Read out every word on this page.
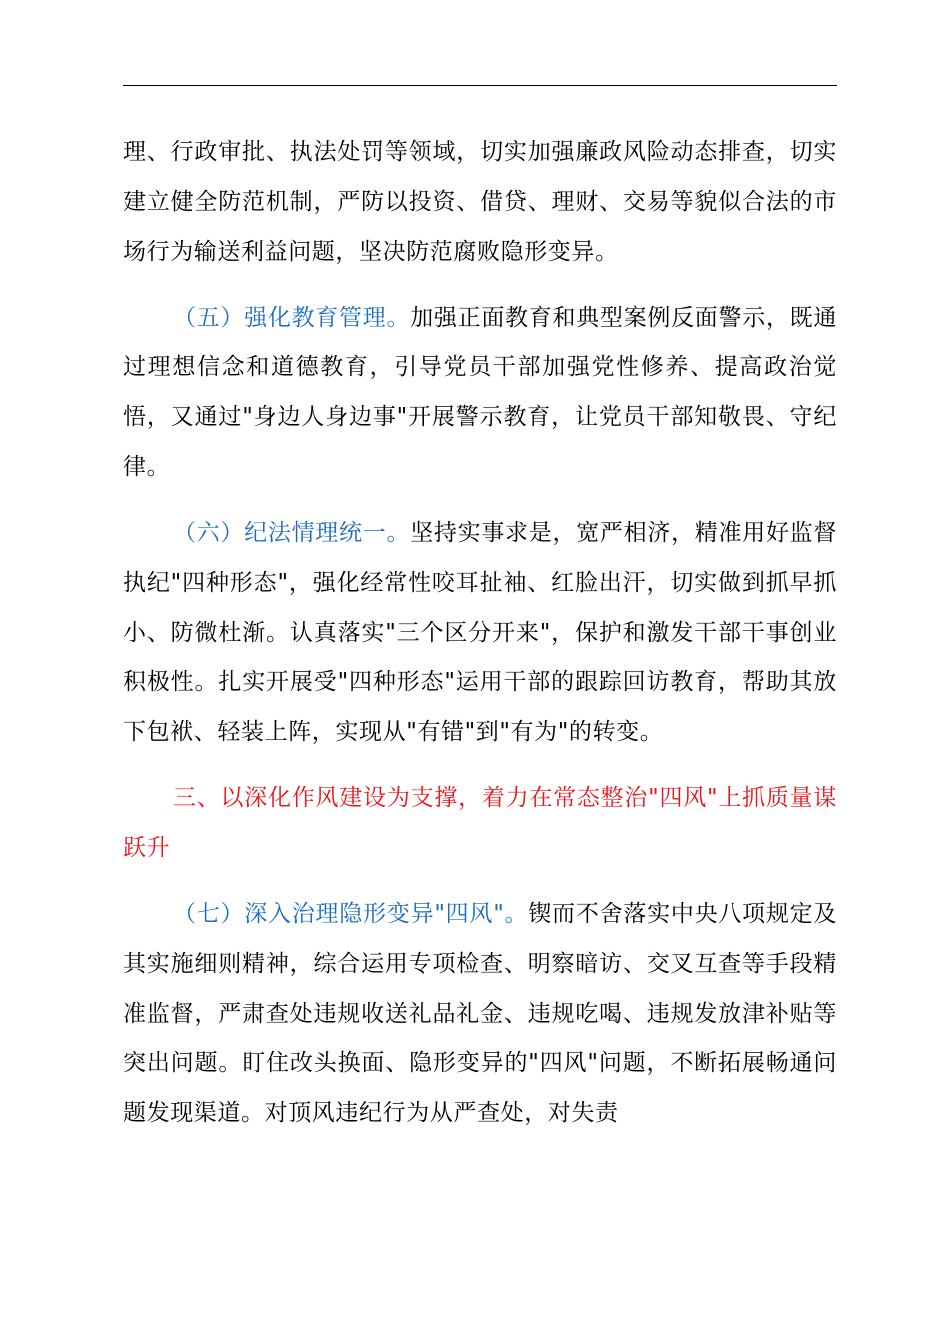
理、行政审批、执法处罚等领域，切实加强廉政风险动态排查，切实建立健全防范机制，严防以投资、借贷、理财、交易等貌似合法的市场行为输送利益问题，坚决防范腐败隐形变异。

（五）强化教育管理。加强正面教育和典型案例反面警示，既通过理想信念和道德教育，引导党员干部加强党性修养、提高政治觉悟，又通过"身边人身边事"开展警示教育，让党员干部知敬畏、守纪律。

（六）纪法情理统一。坚持实事求是，宽严相济，精准用好监督执纪"四种形态"，强化经常性咬耳扯袖、红脸出汗，切实做到抓早抓小、防微杜渐。认真落实"三个区分开来"，保护和激发干部干事创业积极性。扎实开展受"四种形态"运用干部的跟踪回访教育，帮助其放下包袱、轻装上阵，实现从"有错"到"有为"的转变。

三、以深化作风建设为支撑，着力在常态整治"四风"上抓质量谋跃升

（七）深入治理隐形变异"四风"。锲而不舍落实中央八项规定及其实施细则精神，综合运用专项检查、明察暗访、交叉互查等手段精准监督，严肃查处违规收送礼品礼金、违规吃喝、违规发放津补贴等突出问题。盯住改头换面、隐形变异的"四风"问题，不断拓展畅通问题发现渠道。对顶风违纪行为从严查处，对失责
